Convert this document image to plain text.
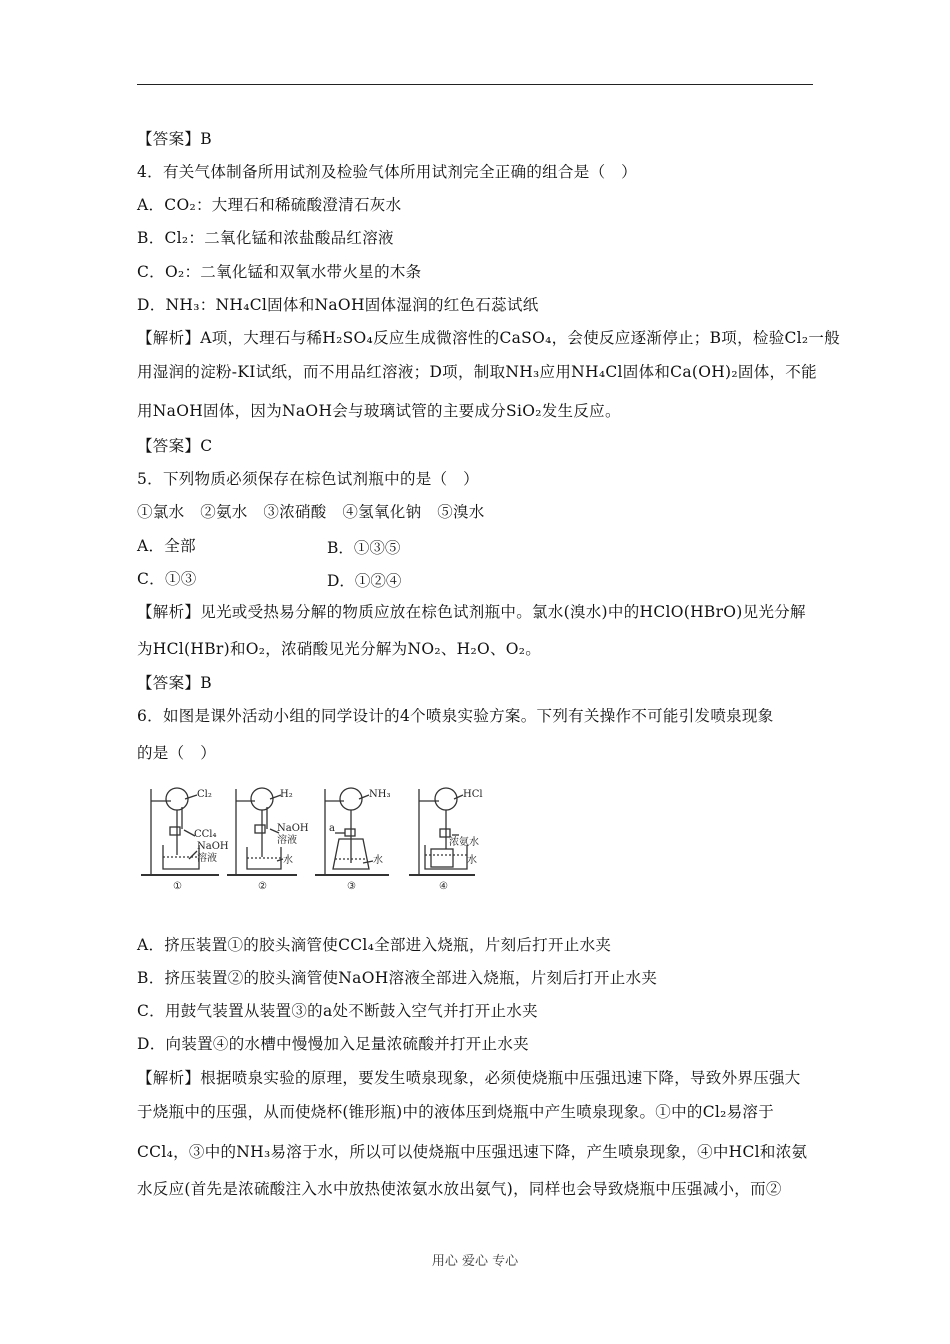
【答案】B
4．有关气体制备所用试剂及检验气体所用试剂完全正确的组合是（　）
A．CO₂：大理石和稀硫酸澄清石灰水
B．Cl₂：二氧化锰和浓盐酸品红溶液
C．O₂：二氧化锰和双氧水带火星的木条
D．NH₃：NH₄Cl固体和NaOH固体湿润的红色石蕊试纸
【解析】A项，大理石与稀H₂SO₄反应生成微溶性的CaSO₄，会使反应逐渐停止；B项，检验Cl₂一般
用湿润的淀粉-KI试纸，而不用品红溶液；D项，制取NH₃应用NH₄Cl固体和Ca(OH)₂固体，不能
用NaOH固体，因为NaOH会与玻璃试管的主要成分SiO₂发生反应。
【答案】C
5．下列物质必须保存在棕色试剂瓶中的是（　）
①氯水　②氨水　③浓硝酸　④氢氧化钠　⑤溴水
A．全部	B．①③⑤
C．①③	D．①②④
【解析】见光或受热易分解的物质应放在棕色试剂瓶中。氯水(溴水)中的HClO(HBrO)见光分解
为HCl(HBr)和O₂，浓硝酸见光分解为NO₂、H₂O、O₂。
【答案】B
6．如图是课外活动小组的同学设计的4个喷泉实验方案。下列有关操作不可能引发喷泉现象
的是（　）
Cl₂
CCl₄
NaOH
溶液
H₂
NaOH
溶液
水
NH₃
a
水
HCl
浓氨水
水
①	②	③	④
A．挤压装置①的胶头滴管使CCl₄全部进入烧瓶，片刻后打开止水夹
B．挤压装置②的胶头滴管使NaOH溶液全部进入烧瓶，片刻后打开止水夹
C．用鼓气装置从装置③的a处不断鼓入空气并打开止水夹
D．向装置④的水槽中慢慢加入足量浓硫酸并打开止水夹
【解析】根据喷泉实验的原理，要发生喷泉现象，必须使烧瓶中压强迅速下降，导致外界压强大
于烧瓶中的压强，从而使烧杯(锥形瓶)中的液体压到烧瓶中产生喷泉现象。①中的Cl₂易溶于
CCl₄，③中的NH₃易溶于水，所以可以使烧瓶中压强迅速下降，产生喷泉现象，④中HCl和浓氨
水反应(首先是浓硫酸注入水中放热使浓氨水放出氨气)，同样也会导致烧瓶中压强减小，而②
用心 爱心 专心
